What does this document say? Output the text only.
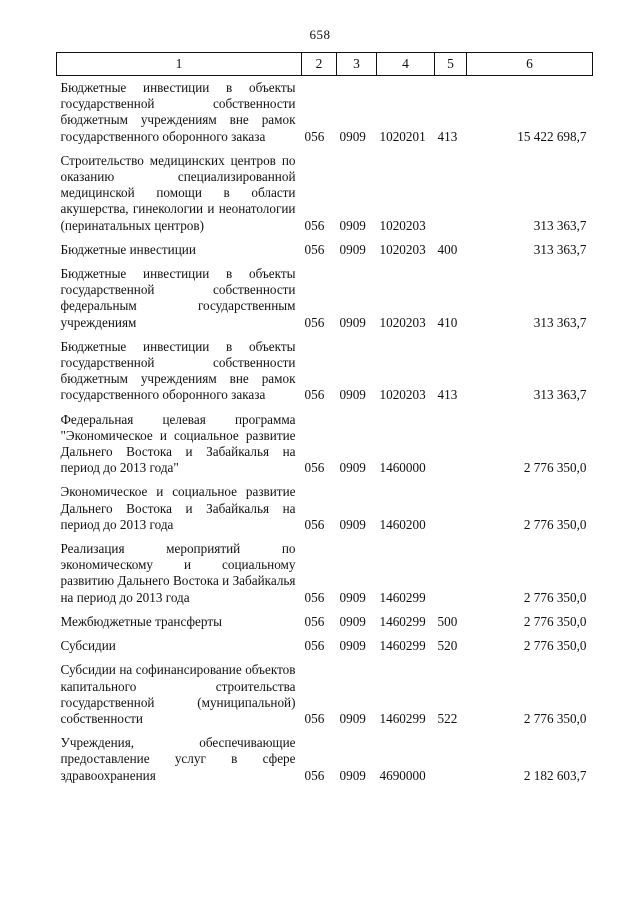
658
1	2	3	4	5	6
Бюджетные инвестиции в объекты государственной собственности бюджетным учреждениям вне рамок государственного оборонного заказа	056	0909	1020201	413	15 422 698,7
Строительство медицинских центров по оказанию специализированной медицинской помощи в области акушерства, гинекологии и неонатологии (перинатальных центров)	056	0909	1020203		313 363,7
Бюджетные инвестиции	056	0909	1020203	400	313 363,7
Бюджетные инвестиции в объекты государственной собственности федеральным государственным учреждениям	056	0909	1020203	410	313 363,7
Бюджетные инвестиции в объекты государственной собственности бюджетным учреждениям вне рамок государственного оборонного заказа	056	0909	1020203	413	313 363,7
Федеральная целевая программа "Экономическое и социальное развитие Дальнего Востока и Забайкалья на период до 2013 года"	056	0909	1460000		2 776 350,0
Экономическое и социальное развитие Дальнего Востока и Забайкалья на период до 2013 года	056	0909	1460200		2 776 350,0
Реализация мероприятий по экономическому и социальному развитию Дальнего Востока и Забайкалья на период до 2013 года	056	0909	1460299		2 776 350,0
Межбюджетные трансферты	056	0909	1460299	500	2 776 350,0
Субсидии	056	0909	1460299	520	2 776 350,0
Субсидии на софинансирование объектов капитального строительства государственной (муниципальной) собственности	056	0909	1460299	522	2 776 350,0
Учреждения, обеспечивающие предоставление услуг в сфере здравоохранения	056	0909	4690000		2 182 603,7
